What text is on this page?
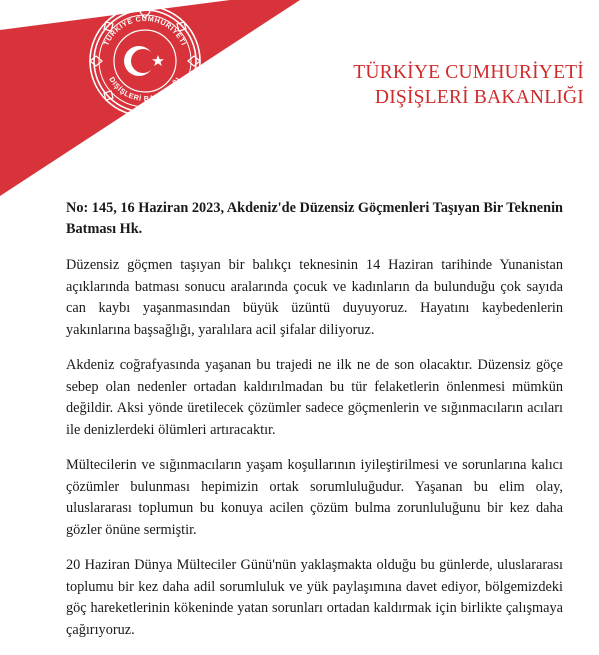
TÜRKİYE CUMHURİYETİ
DIŞİŞLERİ BAKANLIĞI	TÜRKİYE CUMHURİYETİ
DIŞİŞLERİ BAKANLIĞI

No: 145, 16 Haziran 2023, Akdeniz'de Düzensiz Göçmenleri Taşıyan Bir Teknenin Batması Hk.

Düzensiz göçmen taşıyan bir balıkçı teknesinin 14 Haziran tarihinde Yunanistan açıklarında batması sonucu aralarında çocuk ve kadınların da bulunduğu çok sayıda can kaybı yaşanmasından büyük üzüntü duyuyoruz. Hayatını kaybedenlerin yakınlarına başsağlığı, yaralılara acil şifalar diliyoruz.

Akdeniz coğrafyasında yaşanan bu trajedi ne ilk ne de son olacaktır. Düzensiz göçe sebep olan nedenler ortadan kaldırılmadan bu tür felaketlerin önlenmesi mümkün değildir. Aksi yönde üretilecek çözümler sadece göçmenlerin ve sığınmacıların acıları ile denizlerdeki ölümleri artıracaktır.

Mültecilerin ve sığınmacıların yaşam koşullarının iyileştirilmesi ve sorunlarına kalıcı çözümler bulunması hepimizin ortak sorumluluğudur. Yaşanan bu elim olay, uluslararası toplumun bu konuya acilen çözüm bulma zorunluluğunu bir kez daha gözler önüne sermiştir.

20 Haziran Dünya Mülteciler Günü'nün yaklaşmakta olduğu bu günlerde, uluslararası toplumu bir kez daha adil sorumluluk ve yük paylaşımına davet ediyor, bölgemizdeki göç hareketlerinin kökeninde yatan sorunları ortadan kaldırmak için birlikte çalışmaya çağırıyoruz.
